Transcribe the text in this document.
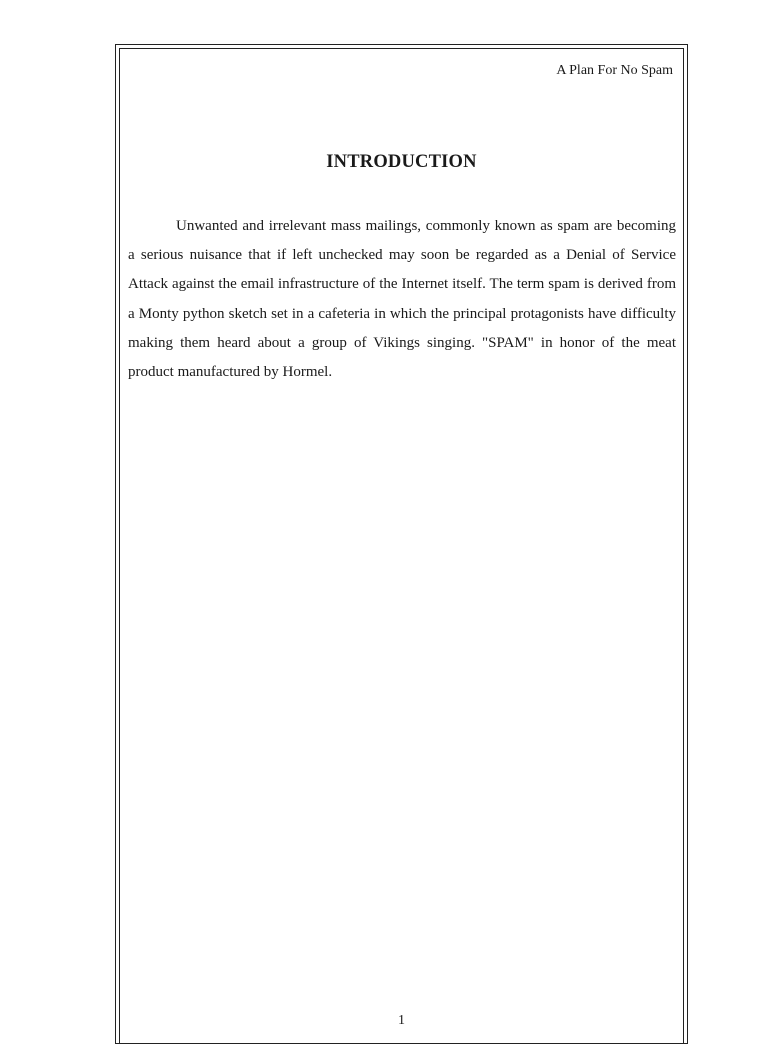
A Plan For No Spam
INTRODUCTION

Unwanted and irrelevant mass mailings, commonly known as spam are becoming a serious nuisance that if left unchecked may soon be regarded as a Denial of Service Attack against the email infrastructure of the Internet itself. The term spam is derived from a Monty python sketch set in a cafeteria in which the principal protagonists have difficulty making them heard about a group of Vikings singing. "SPAM" in honor of the meat product manufactured by Hormel.

1
